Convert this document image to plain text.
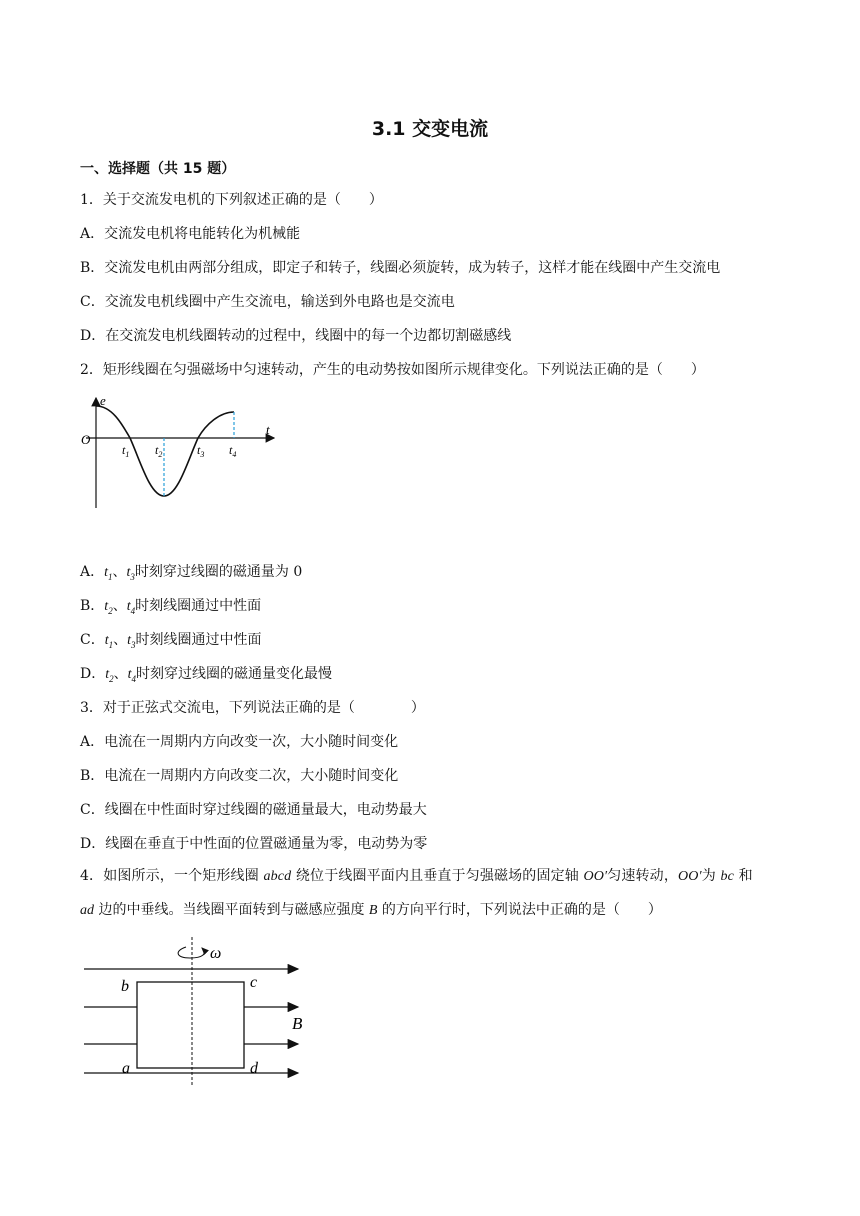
3.1 交变电流
一、选择题（共 15 题）
1．关于交流发电机的下列叙述正确的是（　　）
A．交流发电机将电能转化为机械能
B．交流发电机由两部分组成，即定子和转子，线圈必须旋转，成为转子，这样才能在线圈中产生交流电
C．交流发电机线圈中产生交流电，输送到外电路也是交流电
D．在交流发电机线圈转动的过程中，线圈中的每一个边都切割磁感线
2．矩形线圈在匀强磁场中匀速转动，产生的电动势按如图所示规律变化。下列说法正确的是（　　）
e
t
O
$t_1$ $t_2$	$t_3$ $t_4$
A．$t_1$、$t_3$时刻穿过线圈的磁通量为 0
B．$t_2$、$t_4$时刻线圈通过中性面
C．$t_1$、$t_3$时刻线圈通过中性面
D．$t_2$、$t_4$时刻穿过线圈的磁通量变化最慢
3．对于正弦式交流电，下列说法正确的是（　　　　）
A．电流在一周期内方向改变一次，大小随时间变化
B．电流在一周期内方向改变二次，大小随时间变化
C．线圈在中性面时穿过线圈的磁通量最大，电动势最大
D．线圈在垂直于中性面的位置磁通量为零，电动势为零
4．如图所示，一个矩形线圈 abcd 绕位于线圈平面内且垂直于匀强磁场的固定轴 OO′匀速转动，OO′为 bc 和
ad 边的中垂线。当线圈平面转到与磁感应强度 B 的方向平行时，下列说法中正确的是（　　）
ω
b	c
a	d
B
